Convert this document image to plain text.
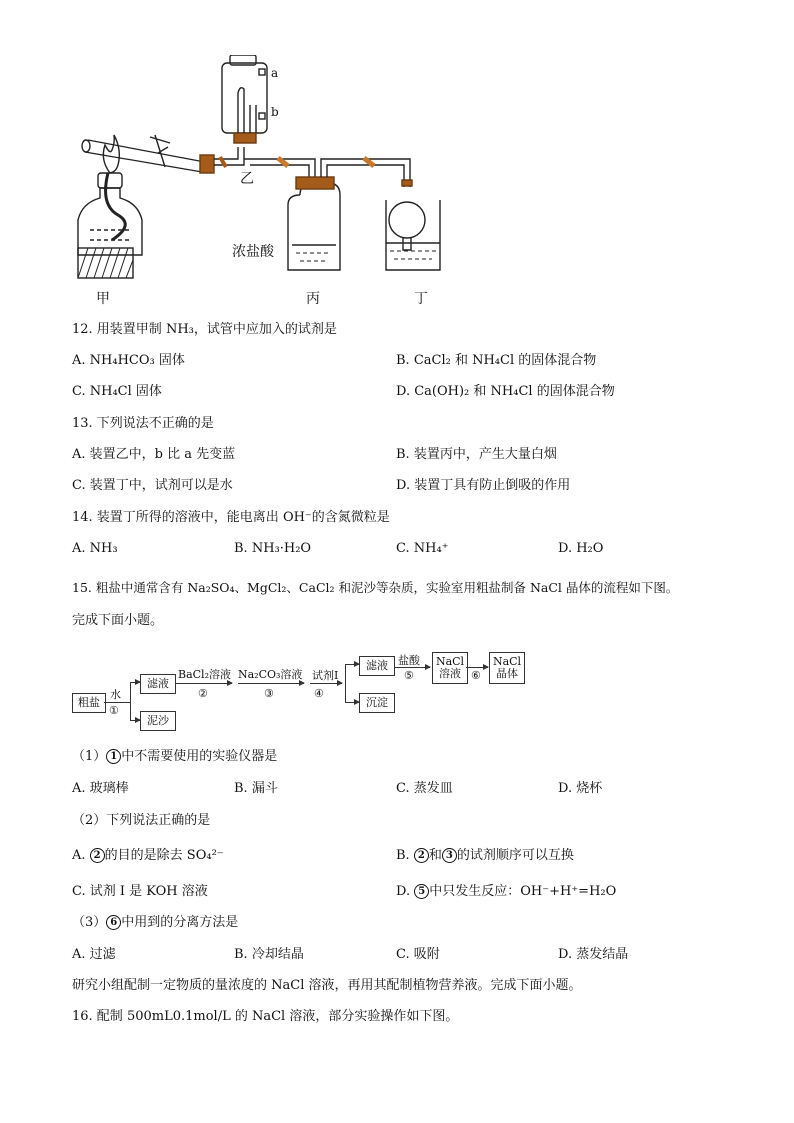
a
b
乙
浓盐酸
甲	丙	丁
12. 用装置甲制 NH₃，试管中应加入的试剂是
A. NH₄HCO₃ 固体	B. CaCl₂ 和 NH₄Cl 的固体混合物
C. NH₄Cl 固体	D. Ca(OH)₂ 和 NH₄Cl 的固体混合物
13. 下列说法不正确的是
A. 装置乙中，b 比 a 先变蓝	B. 装置丙中，产生大量白烟
C. 装置丁中，试剂可以是水	D. 装置丁具有防止倒吸的作用
14. 装置丁所得的溶液中，能电离出 OH⁻的含氮微粒是
A. NH₃	B. NH₃·H₂O	C. NH₄⁺	D. H₂O
15. 粗盐中通常含有 Na₂SO₄、MgCl₂、CaCl₂ 和泥沙等杂质，实验室用粗盐制备 NaCl 晶体的流程如下图。
完成下面小题。
粗盐
水
①
滤液
泥沙
BaCl₂溶液
②
Na₂CO₃溶液
③
试剂Ⅰ
④
滤液
沉淀
盐酸
⑤
NaCl
溶液 ⑥
NaCl
晶体
（1） 1 中不需要使用的实验仪器是
A. 玻璃棒	B. 漏斗	C. 蒸发皿	D. 烧杯
（2）下列说法正确的是
A. 2 的目的是除去 SO₄²⁻	B. 2 和 3 的试剂顺序可以互换
C. 试剂 I 是 KOH 溶液	D. 5 中只发生反应：OH⁻+H⁺=H₂O
（3） 6 中用到的分离方法是
A. 过滤	B. 冷却结晶	C. 吸附	D. 蒸发结晶
研究小组配制一定物质的量浓度的 NaCl 溶液，再用其配制植物营养液。完成下面小题。
16. 配制 500mL0.1mol/L 的 NaCl 溶液，部分实验操作如下图。
